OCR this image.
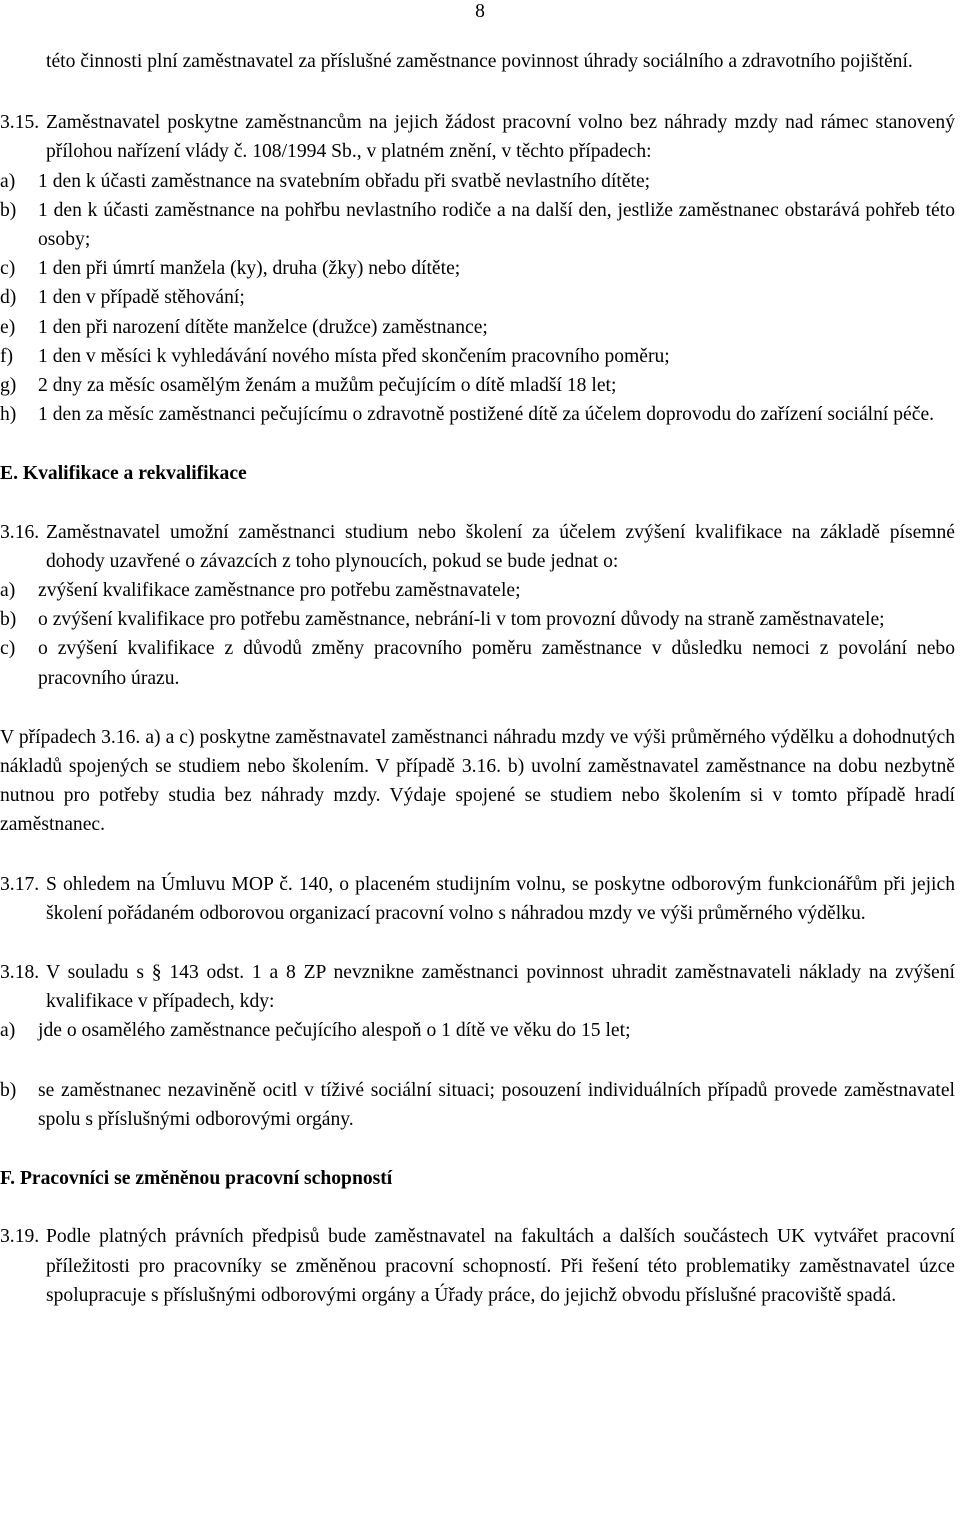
8

této činnosti plní zaměstnavatel za příslušné zaměstnance povinnost úhrady sociálního a zdravotního pojištění.

3.15. Zaměstnavatel poskytne zaměstnancům na jejich žádost pracovní volno bez náhrady mzdy nad rámec stanovený přílohou nařízení vlády č. 108/1994 Sb., v platném znění, v těchto případech:
a)	1 den k účasti zaměstnance na svatebním obřadu při svatbě nevlastního dítěte;
b)	1 den k účasti zaměstnance na pohřbu nevlastního rodiče a na další den, jestliže zaměstnanec obstarává pohřeb této osoby;
c)	1 den při úmrtí manžela (ky), druha (žky) nebo dítěte;
d)	1 den v případě stěhování;
e)	1 den při narození dítěte manželce (družce) zaměstnance;
f)	1 den v měsíci k vyhledávání nového místa před skončením pracovního poměru;
g)	2 dny za měsíc osamělým ženám a mužům pečujícím o dítě mladší 18 let;
h)	1 den za měsíc zaměstnanci pečujícímu o zdravotně postižené dítě za účelem doprovodu do zařízení sociální péče.

E. Kvalifikace a rekvalifikace

3.16. Zaměstnavatel umožní zaměstnanci studium nebo školení za účelem zvýšení kvalifikace na základě písemné dohody uzavřené o závazcích z toho plynoucích, pokud se bude jednat o:
a)	zvýšení kvalifikace zaměstnance pro potřebu zaměstnavatele;
b)	o zvýšení kvalifikace pro potřebu zaměstnance, nebrání-li v tom provozní důvody na straně zaměstnavatele;
c)	o zvýšení kvalifikace z důvodů změny pracovního poměru zaměstnance v důsledku nemoci z povolání nebo pracovního úrazu.

V případech 3.16. a) a c) poskytne zaměstnavatel zaměstnanci náhradu mzdy ve výši průměrného výdělku a dohodnutých nákladů spojených se studiem nebo školením. V případě 3.16. b) uvolní zaměstnavatel zaměstnance na dobu nezbytně nutnou pro potřeby studia bez náhrady mzdy. Výdaje spojené se studiem nebo školením si v tomto případě hradí zaměstnanec.

3.17. S ohledem na Úmluvu MOP č. 140, o placeném studijním volnu, se poskytne odborovým funkcionářům při jejich školení pořádaném odborovou organizací pracovní volno s náhradou mzdy ve výši průměrného výdělku.
3.18. V souladu s § 143 odst. 1 a 8 ZP nevznikne zaměstnanci povinnost uhradit zaměstnavateli náklady na zvýšení kvalifikace v případech, kdy:
a)	jde o osamělého zaměstnance pečujícího alespoň o 1 dítě ve věku do 15 let;
b)	se zaměstnanec nezaviněně ocitl v tíživé sociální situaci; posouzení individuálních případů provede zaměstnavatel spolu s příslušnými odborovými orgány.

F. Pracovníci se změněnou pracovní schopností

3.19. Podle platných právních předpisů bude zaměstnavatel na fakultách a dalších součástech UK vytvářet pracovní příležitosti pro pracovníky se změněnou pracovní schopností. Při řešení této problematiky zaměstnavatel úzce spolupracuje s příslušnými odborovými orgány a Úřady práce, do jejichž obvodu příslušné pracoviště spadá.
